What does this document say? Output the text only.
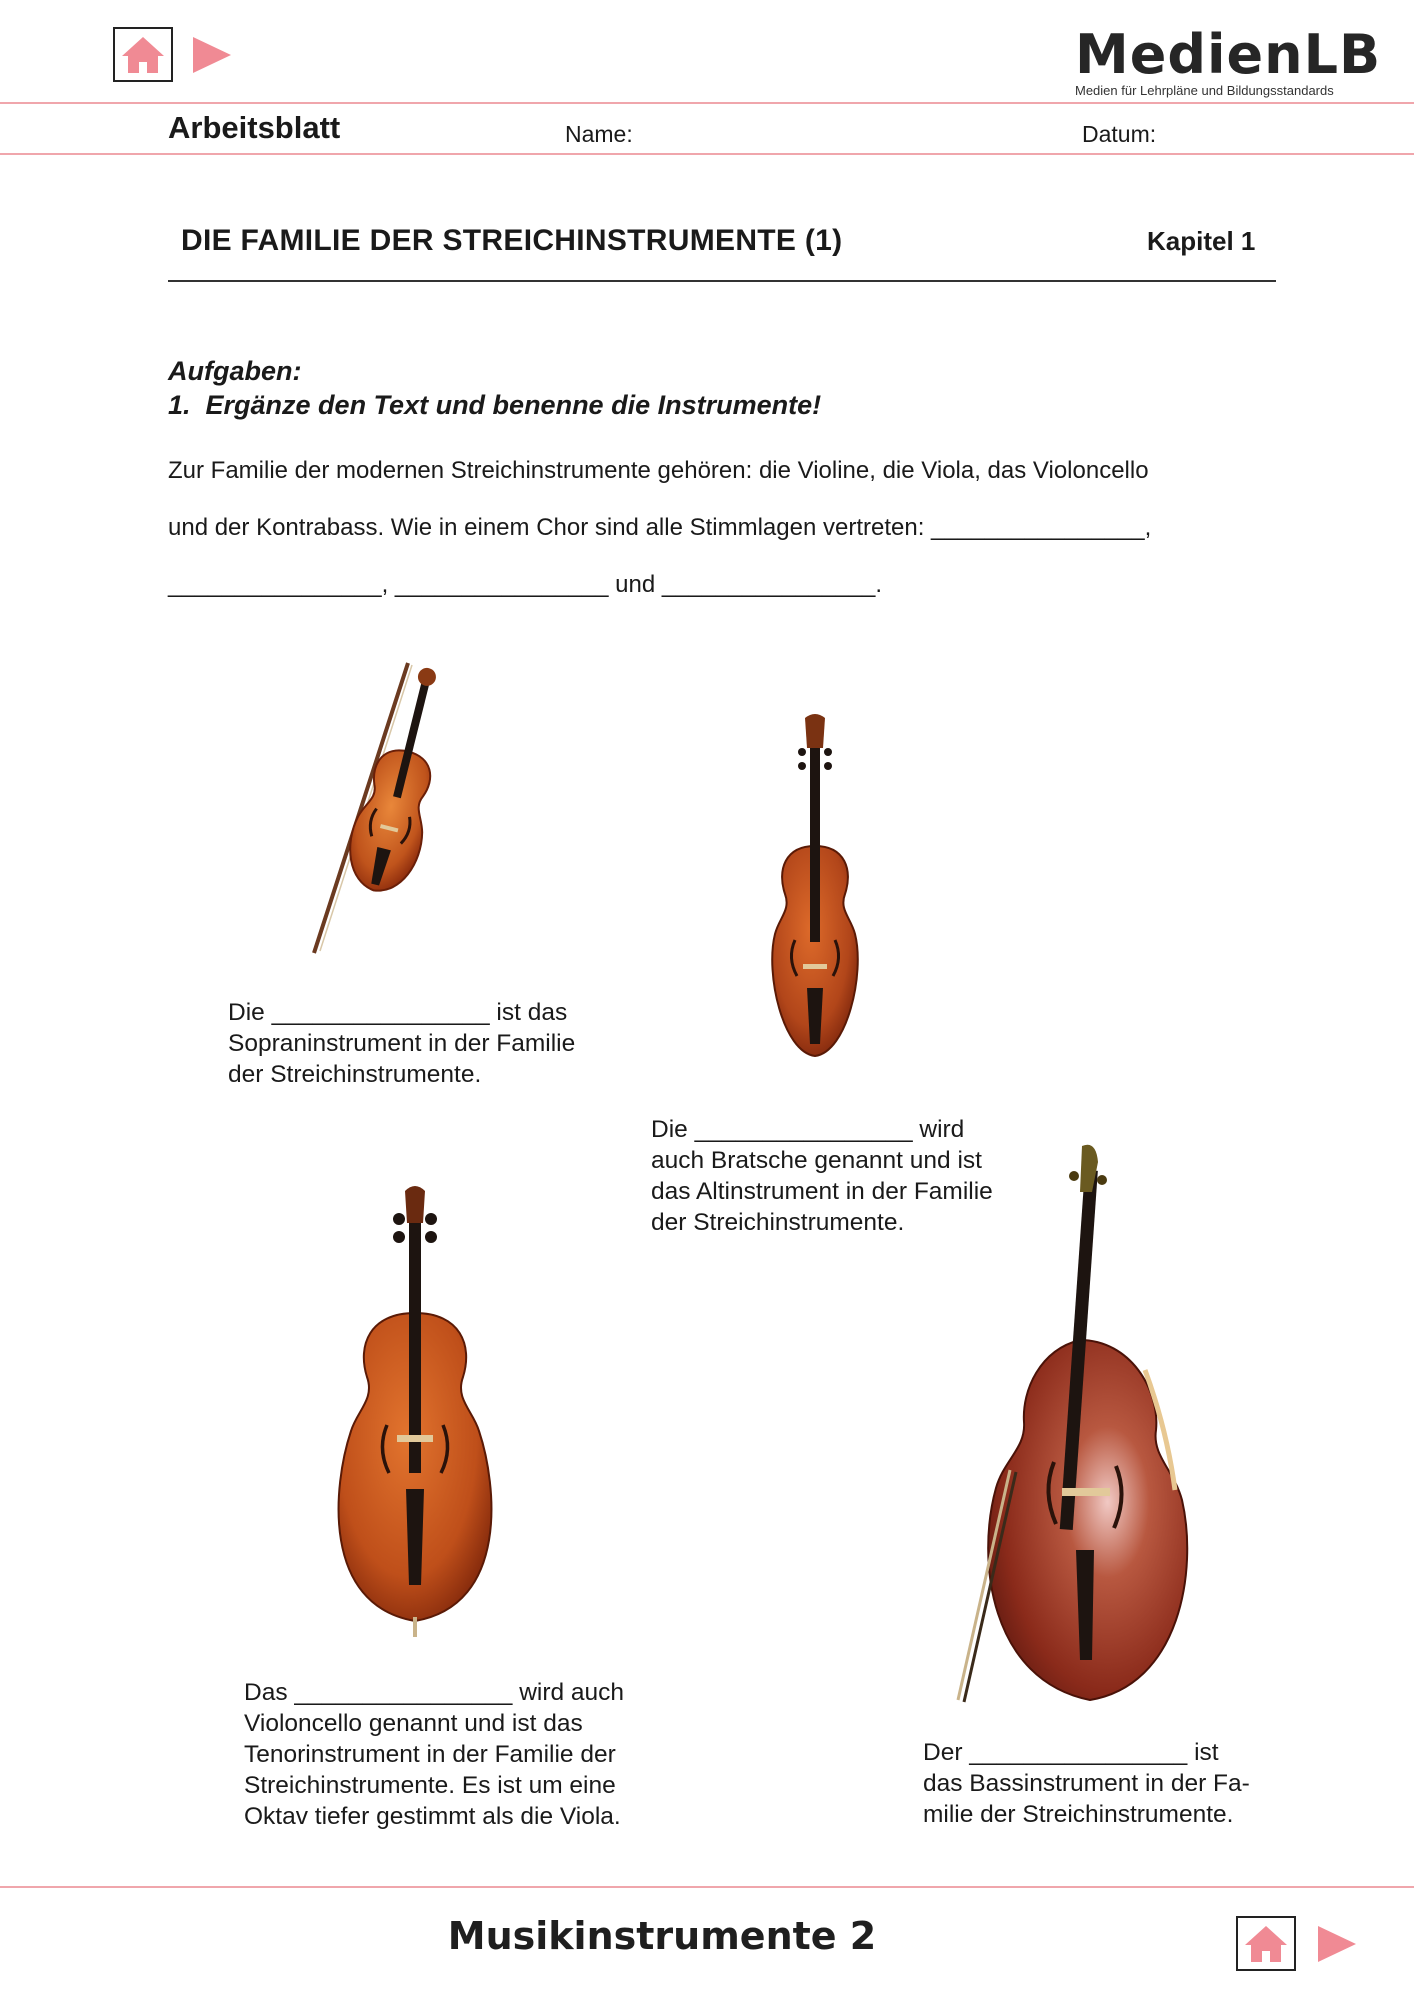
MedienLB
Medien für Lehrpläne und Bildungsstandards
Arbeitsblatt	Name:	Datum:
DIE FAMILIE DER STREICHINSTRUMENTE (1)	Kapitel 1
Aufgaben:
1.  Ergänze den Text und benenne die Instrumente!
Zur Familie der modernen Streichinstrumente gehören: die Violine, die Viola, das Violoncello
und der Kontrabass. Wie in einem Chor sind alle Stimmlagen vertreten: ________________,
________________, ________________ und ________________.
Die ________________ ist das
Sopraninstrument in der Familie
der Streichinstrumente.
Die ________________ wird
auch Bratsche genannt und ist
das Altinstrument in der Familie
der Streichinstrumente.
Das ________________ wird auch
Violoncello genannt und ist das
Tenorinstrument in der Familie der
Streichinstrumente. Es ist um eine
Oktav tiefer gestimmt als die Viola.
Der ________________ ist
das Bassinstrument in der Fa-
milie der Streichinstrumente.
Musikinstrumente 2
